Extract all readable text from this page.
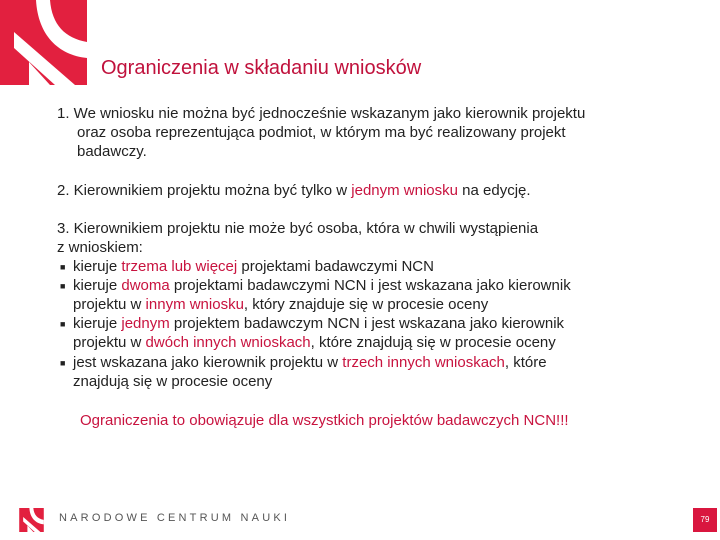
Ograniczenia w składaniu wniosków
1. We wniosku nie można być jednocześnie wskazanym jako kierownik projektu
oraz osoba reprezentująca podmiot, w którym ma być realizowany projekt
badawczy.
2. Kierownikiem projektu można być tylko w jednym wniosku na edycję.
3. Kierownikiem projektu nie może być osoba, która w chwili wystąpienia
z wnioskiem:
kieruje trzema lub więcej projektami badawczymi NCN
kieruje dwoma projektami badawczymi NCN i jest wskazana jako kierownik
projektu w innym wniosku, który znajduje się w procesie oceny
kieruje jednym projektem badawczym NCN i jest wskazana jako kierownik
projektu w dwóch innych wnioskach, które znajdują się w procesie oceny
jest wskazana jako kierownik projektu w trzech innych wnioskach, które
znajdują się w procesie oceny
Ograniczenia to obowiązuje dla wszystkich projektów badawczych NCN!!!
■
■
■
■
NARODOWE CENTRUM NAUKI	79
